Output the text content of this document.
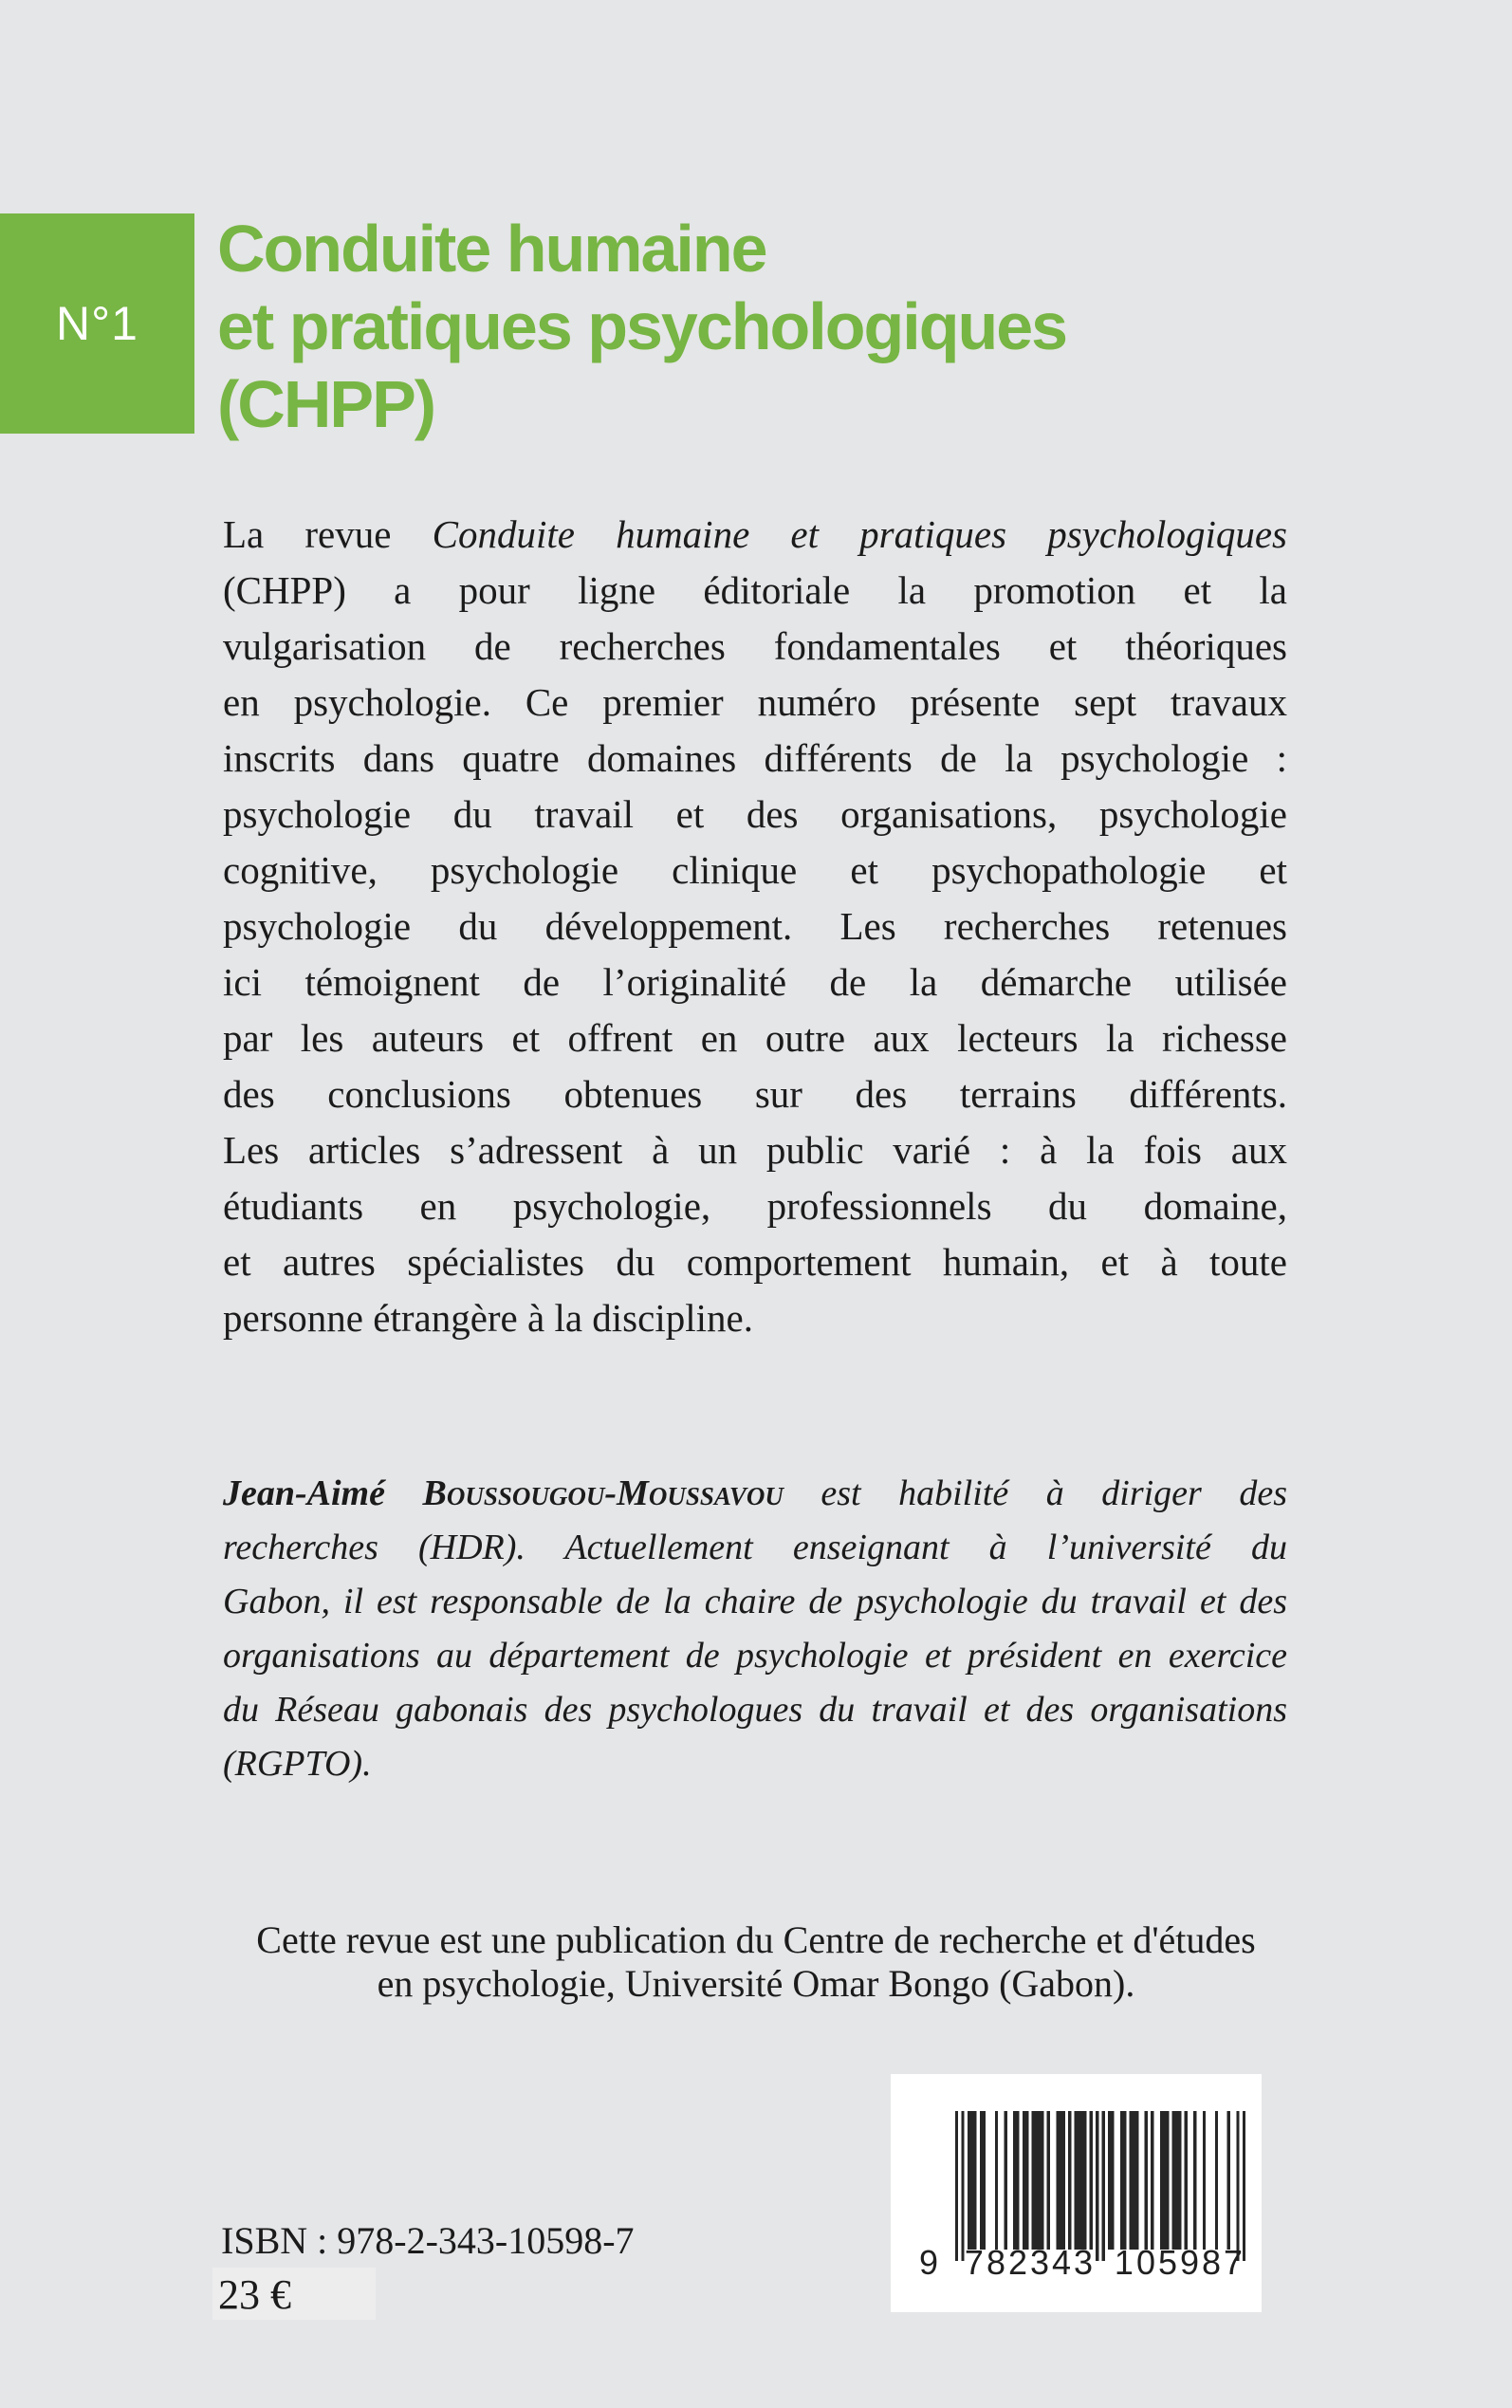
N°1
Conduite humaine
et pratiques psychologiques
(CHPP)
La revue Conduite humaine et pratiques psychologiques
(CHPP) a pour ligne éditoriale la promotion et la
vulgarisation de recherches fondamentales et théoriques
en psychologie. Ce premier numéro présente sept travaux
inscrits dans quatre domaines différents de la psychologie :
psychologie du travail et des organisations, psychologie
cognitive, psychologie clinique et psychopathologie et
psychologie du développement. Les recherches retenues
ici témoignent de l’originalité de la démarche utilisée
par les auteurs et offrent en outre aux lecteurs la richesse
des conclusions obtenues sur des terrains différents.
Les articles s’adressent à un public varié : à la fois aux
étudiants en psychologie, professionnels du domaine,
et autres spécialistes du comportement humain, et à toute
personne étrangère à la discipline.
Jean-Aimé Boussougou-Moussavou est habilité à diriger des
recherches (HDR). Actuellement enseignant à l’université du
Gabon, il est responsable de la chaire de psychologie du travail et des
organisations au département de psychologie et président en exercice
du Réseau gabonais des psychologues du travail et des organisations
(RGPTO).
Cette revue est une publication du Centre de recherche et d'études
en psychologie, Université Omar Bongo (Gabon).
ISBN : 978-2-343-10598-7
23 €
9 782343 105987
